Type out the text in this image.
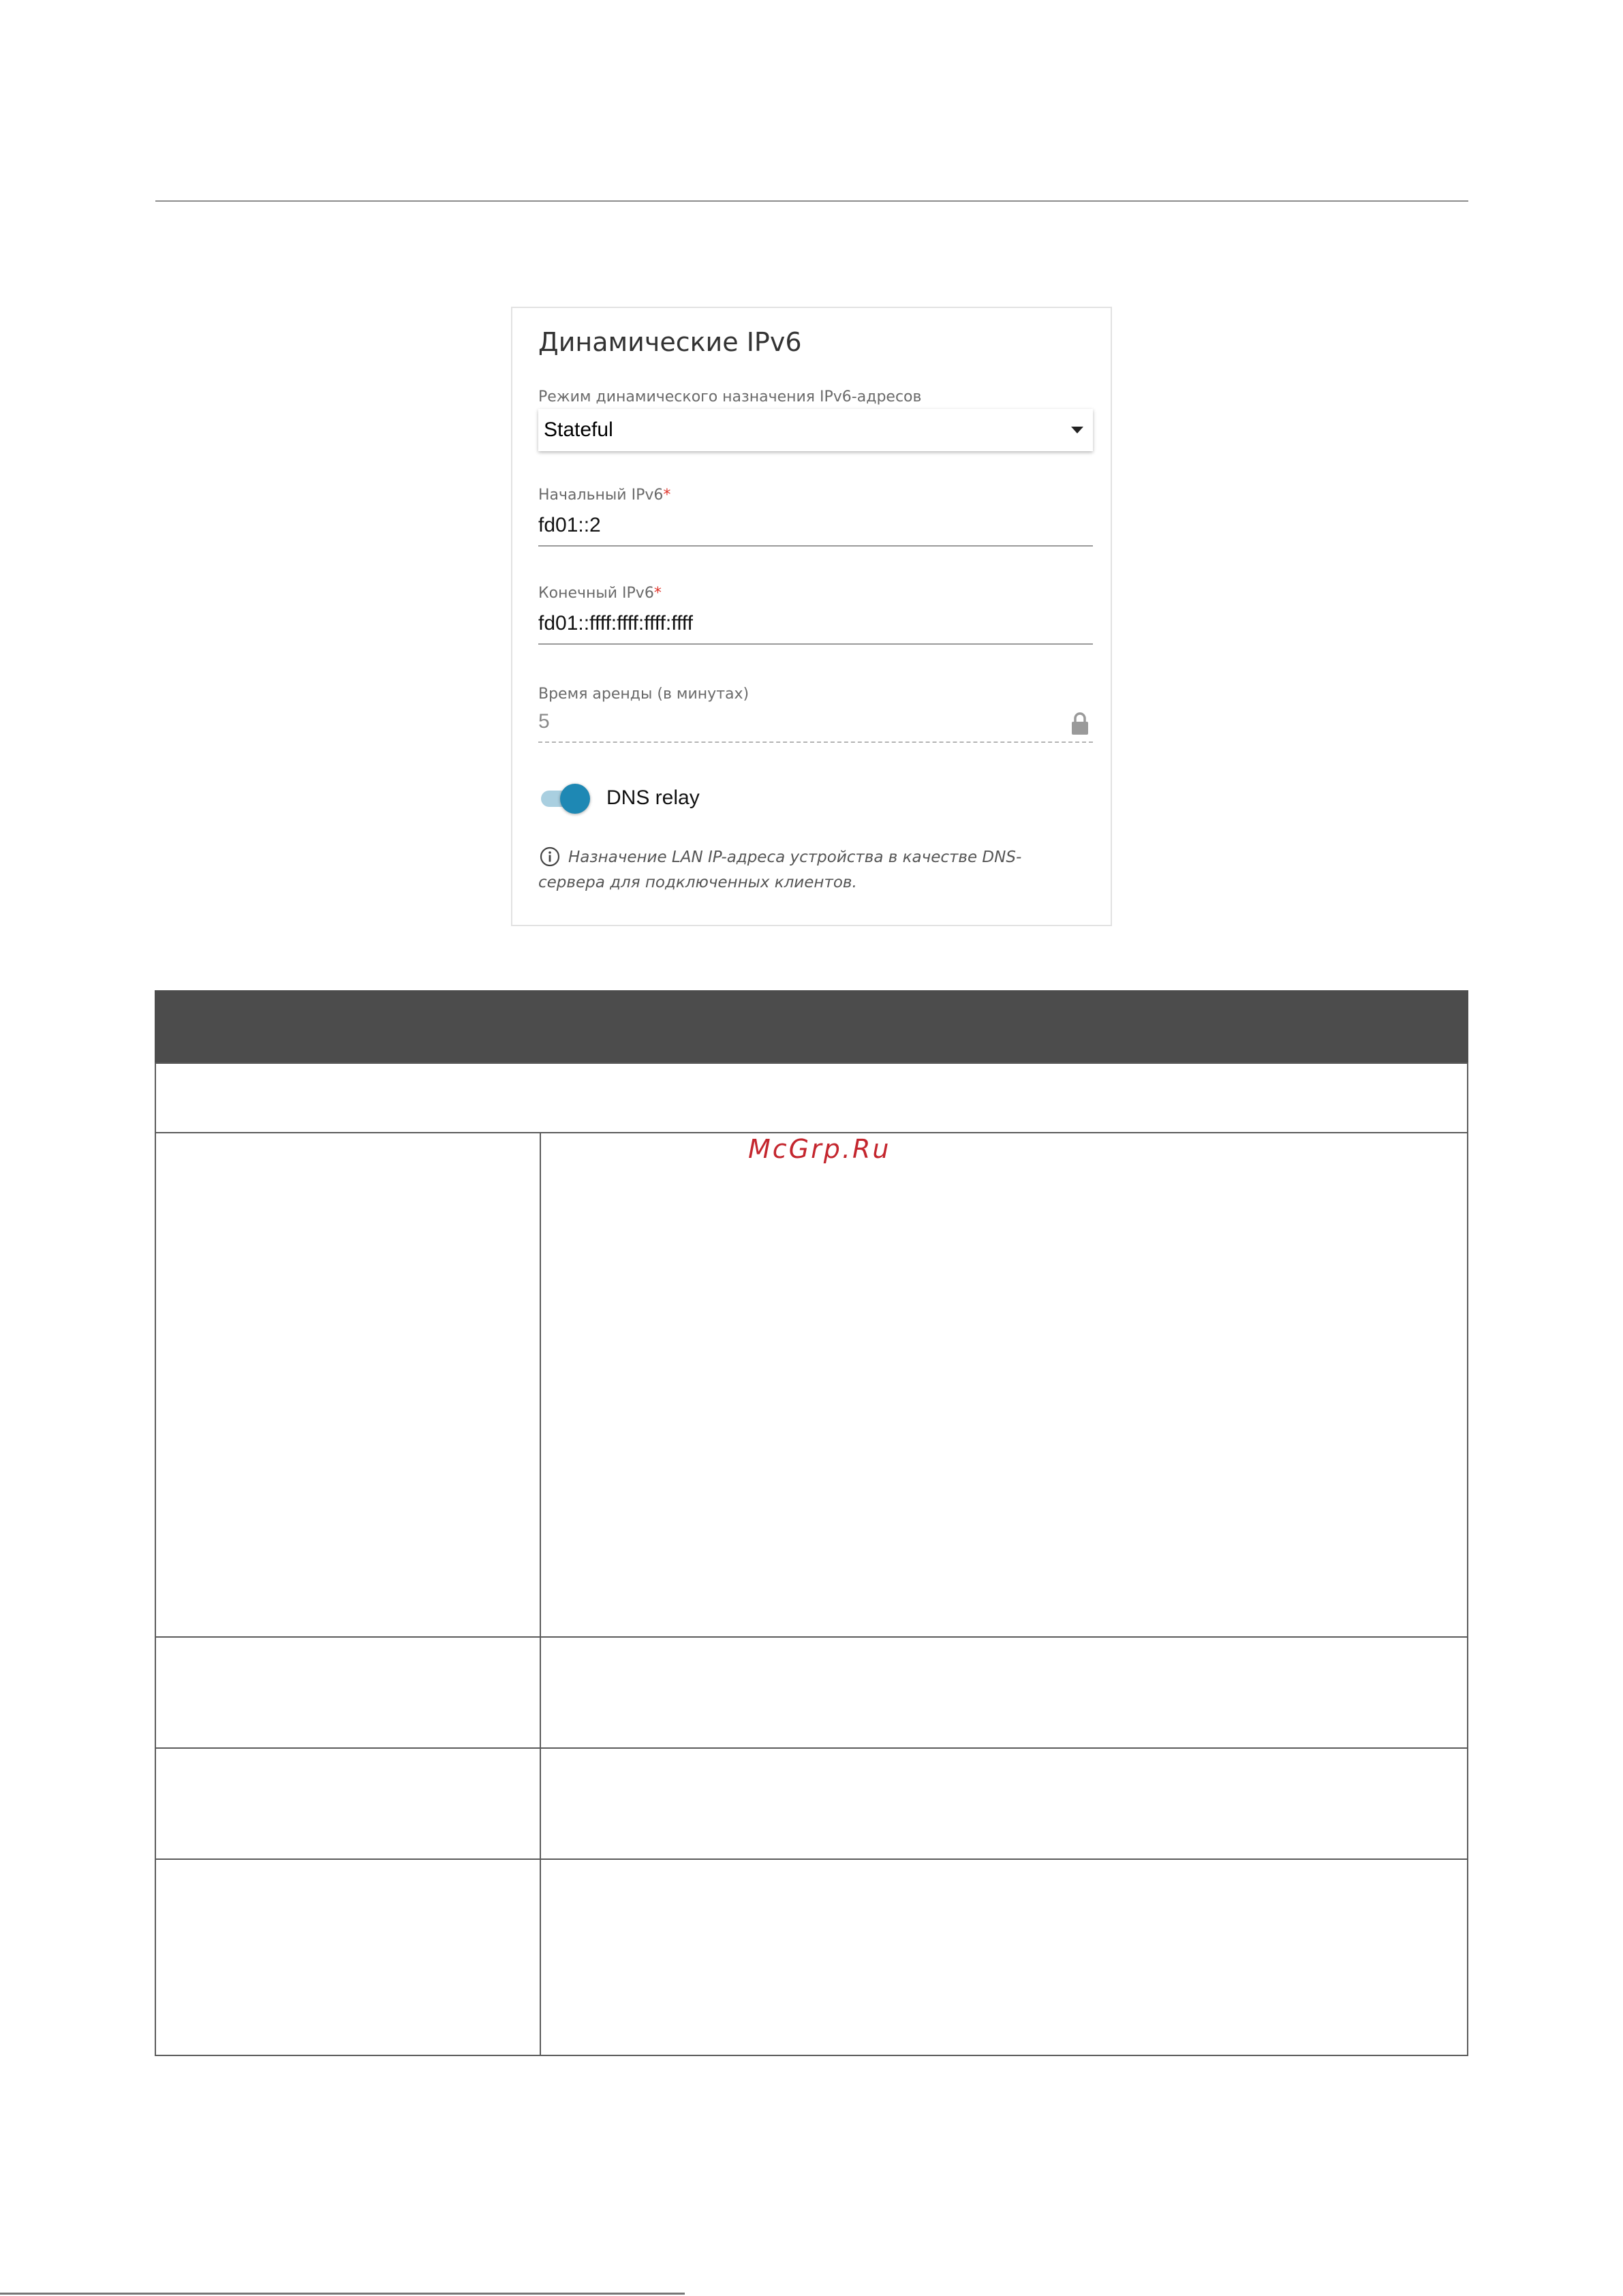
Динамические IPv6
Режим динамического назначения IPv6-адресов
Stateful
Начальный IPv6*
fd01::2
Конечный IPv6*
fd01::ffff:ffff:ffff:ffff
Время аренды (в минутах)
5
DNS relay
Назначение LAN IP-адреса устройства в качестве DNS-сервера для подключенных клиентов.
McGrp.Ru
